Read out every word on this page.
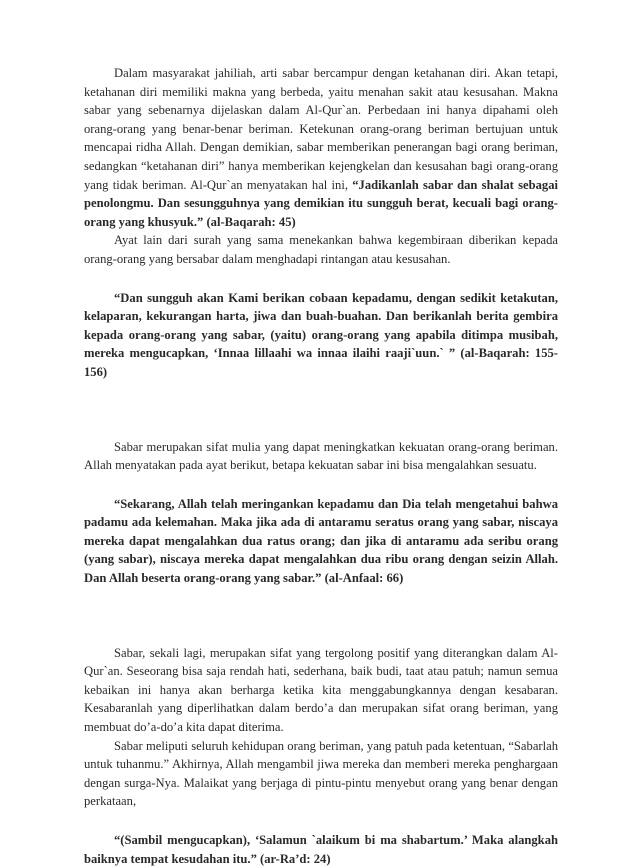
Dalam masyarakat jahiliah, arti sabar bercampur dengan ketahanan diri. Akan tetapi, ketahanan diri memiliki makna yang berbeda, yaitu menahan sakit atau kesusahan. Makna sabar yang sebenarnya dijelaskan dalam Al-Qur`an. Perbedaan ini hanya dipahami oleh orang-orang yang benar-benar beriman. Ketekunan orang-orang beriman bertujuan untuk mencapai ridha Allah. Dengan demikian, sabar memberikan penerangan bagi orang beriman, sedangkan “ketahanan diri” hanya memberikan kejengkelan dan kesusahan bagi orang-orang yang tidak beriman. Al-Qur`an menyatakan hal ini, “Jadikanlah sabar dan shalat sebagai penolongmu. Dan sesungguhnya yang demikian itu sungguh berat, kecuali bagi orang-orang yang khusyuk.” (al-Baqarah: 45)

Ayat lain dari surah yang sama menekankan bahwa kegembiraan diberikan kepada orang-orang yang bersabar dalam menghadapi rintangan atau kesusahan.

“Dan sungguh akan Kami berikan cobaan kepadamu, dengan sedikit ketakutan, kelaparan, kekurangan harta, jiwa dan buah-buahan. Dan berikanlah berita gembira kepada orang-orang yang sabar, (yaitu) orang-orang yang apabila ditimpa musibah, mereka mengucapkan, ‘Innaa lillaahi wa innaa ilaihi raaji`uun.` ” (al-Baqarah: 155-156)

Sabar merupakan sifat mulia yang dapat meningkatkan kekuatan orang-orang beriman. Allah menyatakan pada ayat berikut, betapa kekuatan sabar ini bisa mengalahkan sesuatu.

“Sekarang, Allah telah meringankan kepadamu dan Dia telah mengetahui bahwa padamu ada kelemahan. Maka jika ada di antaramu seratus orang yang sabar, niscaya mereka dapat mengalahkan dua ratus orang; dan jika di antaramu ada seribu orang (yang sabar), niscaya mereka dapat mengalahkan dua ribu orang dengan seizin Allah. Dan Allah beserta orang-orang yang sabar.” (al-Anfaal: 66)

Sabar, sekali lagi, merupakan sifat yang tergolong positif yang diterangkan dalam Al-Qur`an. Seseorang bisa saja rendah hati, sederhana, baik budi, taat atau patuh; namun semua kebaikan ini hanya akan berharga ketika kita menggabungkannya dengan kesabaran. Kesabaranlah yang diperlihatkan dalam berdo’a dan merupakan sifat orang beriman, yang membuat do’a-do’a kita dapat diterima.

Sabar meliputi seluruh kehidupan orang beriman, yang patuh pada ketentuan, “Sabarlah untuk tuhanmu.” Akhirnya, Allah mengambil jiwa mereka dan memberi mereka penghargaan dengan surga-Nya. Malaikat yang berjaga di pintu-pintu menyebut orang yang benar dengan perkataan,

“(Sambil mengucapkan), ‘Salamun `alaikum bi ma shabartum.’ Maka alangkah baiknya tempat kesudahan itu.” (ar-Ra’d: 24)
